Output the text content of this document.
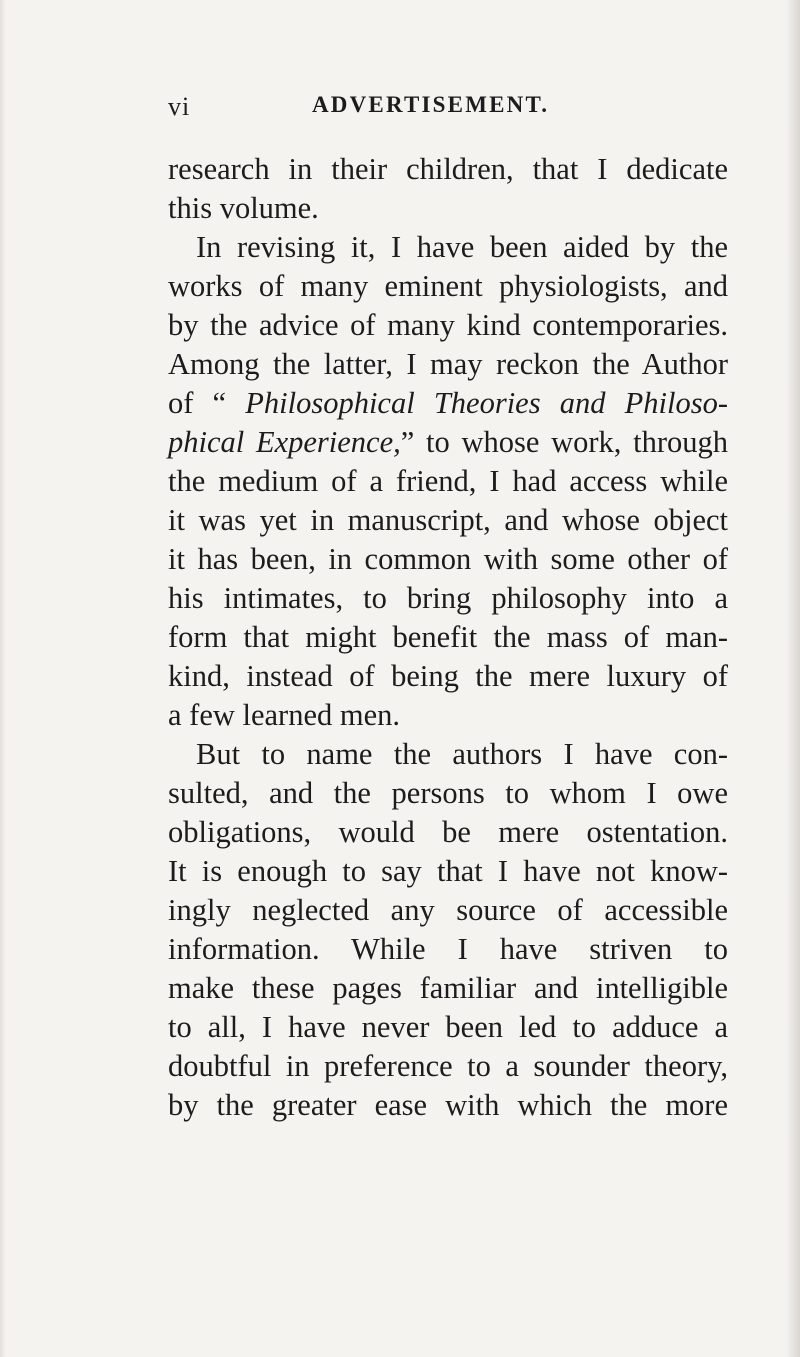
vi	ADVERTISEMENT.
research in their children, that I dedicate
this volume.
In revising it, I have been aided by the
works of many eminent physiologists, and
by the advice of many kind contemporaries.
Among the latter, I may reckon the Author
of “ Philosophical Theories and Philoso-
phical Experience,” to whose work, through
the medium of a friend, I had access while
it was yet in manuscript, and whose object
it has been, in common with some other of
his intimates, to bring philosophy into a
form that might benefit the mass of man-
kind, instead of being the mere luxury of
a few learned men.
But to name the authors I have con-
sulted, and the persons to whom I owe
obligations, would be mere ostentation.
It is enough to say that I have not know-
ingly neglected any source of accessible
information. While I have striven to
make these pages familiar and intelligible
to all, I have never been led to adduce a
doubtful in preference to a sounder theory,
by the greater ease with which the more
